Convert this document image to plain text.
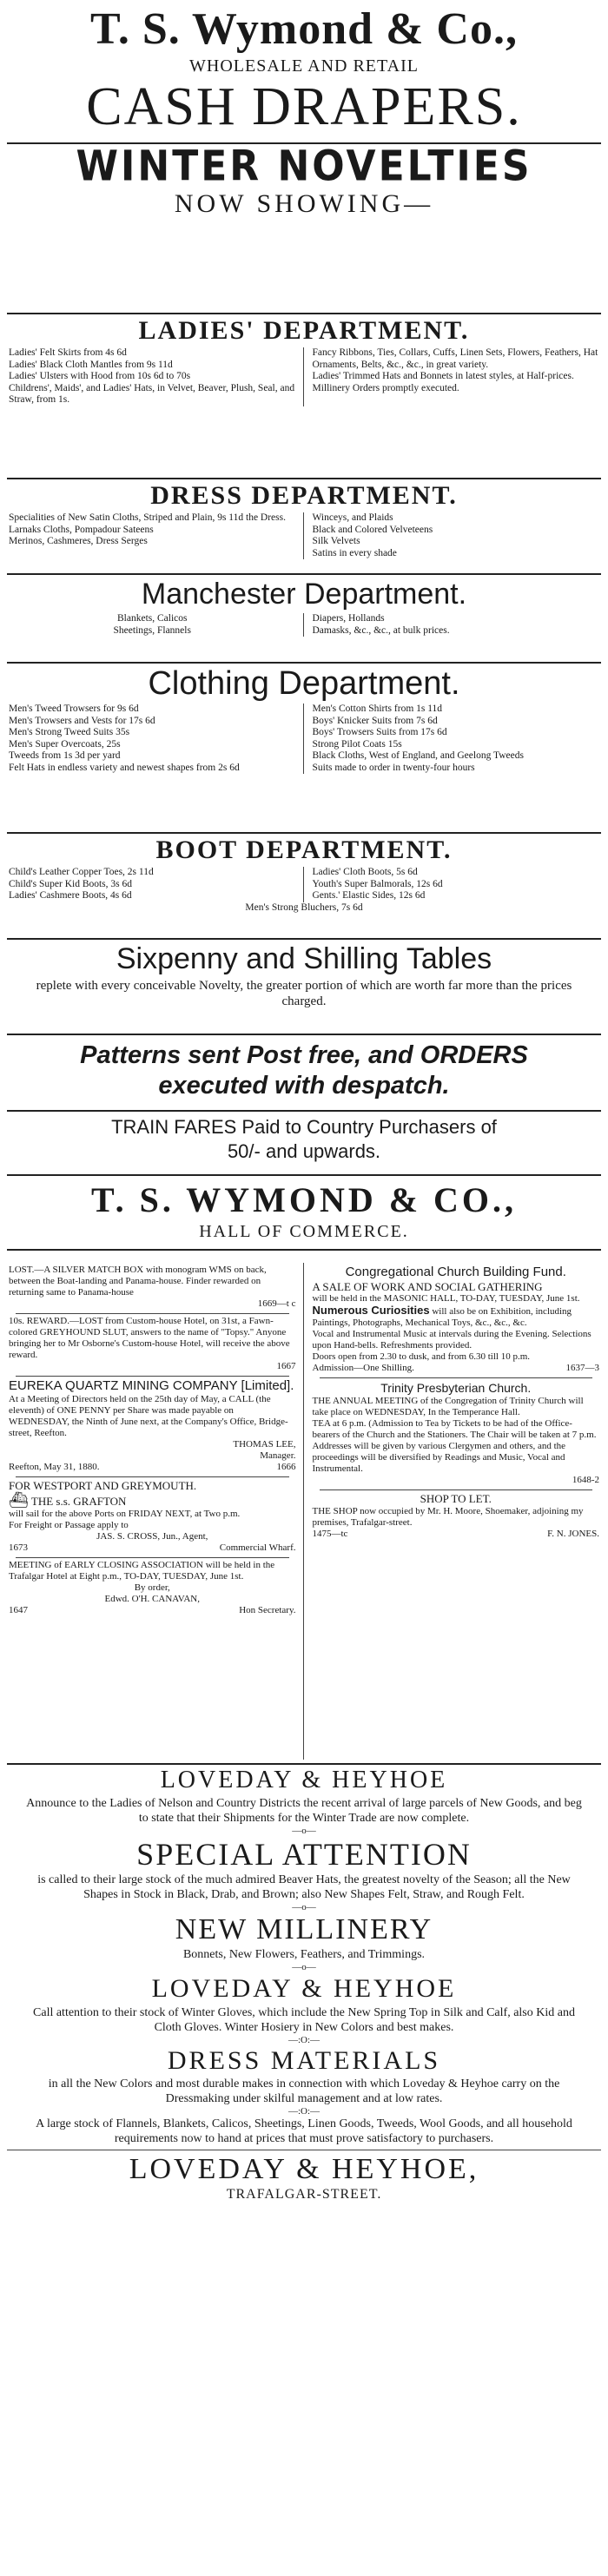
T. S. Wymond & Co.,
WHOLESALE AND RETAIL
CASH DRAPERS.
WINTER NOVELTIES
NOW SHOWING—
LADIES' DEPARTMENT.
Ladies' Felt Skirts from 4s 6d
Ladies' Black Cloth Mantles from 9s 11d
Ladies' Ulsters with Hood from 10s 6d to 70s
Childrens', Maids', and Ladies' Hats, in Velvet, Beaver, Plush, Seal, and Straw, from 1s.
Fancy Ribbons, Ties, Collars, Cuffs, Linen Sets, Flowers, Feathers, Hat Ornaments, Belts, &c., &c., in great variety.
Ladies' Trimmed Hats and Bonnets in latest styles, at Half-prices.
Millinery Orders promptly executed.
DRESS DEPARTMENT.
Specialities of New Satin Cloths, Striped and Plain, 9s 11d the Dress.
Larnaks Cloths, Pompadour Sateens
Merinos, Cashmeres, Dress Serges
Winceys, and Plaids
Black and Colored Velveteens
Silk Velvets
Satins in every shade
Manchester Department.
Blankets, Calicos
Sheetings, Flannels
Diapers, Hollands
Damasks, &c., &c., at bulk prices.
Clothing Department.
Men's Tweed Trowsers for 9s 6d
Men's Trowsers and Vests for 17s 6d
Men's Strong Tweed Suits 35s
Men's Super Overcoats, 25s
Tweeds from 1s 3d per yard
Felt Hats in endless variety and newest shapes from 2s 6d
Men's Cotton Shirts from 1s 11d
Boys' Knicker Suits from 7s 6d
Boys' Trowsers Suits from 17s 6d
Strong Pilot Coats 15s
Black Cloths, West of England, and Geelong Tweeds
Suits made to order in twenty-four hours
BOOT DEPARTMENT.
Child's Leather Copper Toes, 2s 11d
Child's Super Kid Boots, 3s 6d
Ladies' Cashmere Boots, 4s 6d
Ladies' Cloth Boots, 5s 6d
Youth's Super Balmorals, 12s 6d
Gents.' Elastic Sides, 12s 6d
Men's Strong Bluchers, 7s 6d
Sixpenny and Shilling Tables
replete with every conceivable Novelty, the greater portion of which are worth far more than the prices charged.
Patterns sent Post free, and ORDERS executed with despatch.
TRAIN FARES Paid to Country Purchasers of
50/- and upwards.
T. S. WYMOND & CO.,
HALL OF COMMERCE.

LOST.—A SILVER MATCH BOX with monogram WMS on back, between the Boat-landing and Panama-house. Finder rewarded on returning same to Panama-house

1669—t c

10s. REWARD.—LOST from Custom-house Hotel, on 31st, a Fawn-colored GREYHOUND SLUT, answers to the name of "Topsy." Anyone bringing her to Mr Osborne's Custom-house Hotel, will receive the above reward.

1667

EUREKA QUARTZ MINING COMPANY [Limited].

At a Meeting of Directors held on the 25th day of May, a CALL (the eleventh) of ONE PENNY per Share was made payable on WEDNESDAY, the Ninth of June next, at the Company's Office, Bridge-street, Reefton.

THOMAS LEE,

Manager.

Reefton, May 31, 1880.	1666

FOR WESTPORT AND GREYMOUTH.

⛴ THE s.s. GRAFTON

will sail for the above Ports on FRIDAY NEXT, at Two p.m.

For Freight or Passage apply to

JAS. S. CROSS, Jun., Agent,

1673	Commercial Wharf.

MEETING of EARLY CLOSING ASSOCIATION will be held in the Trafalgar Hotel at Eight p.m., TO-DAY, TUESDAY, June 1st.

By order,

Edwd. O'H. CANAVAN,

1647	Hon Secretary.

Congregational Church Building Fund.

A SALE OF WORK AND SOCIAL GATHERING

will be held in the MASONIC HALL, TO-DAY, TUESDAY, June 1st.

Numerous Curiosities will also be on Exhibition, including Paintings, Photographs, Mechanical Toys, &c., &c., &c.

Vocal and Instrumental Music at intervals during the Evening. Selections upon Hand-bells. Refreshments provided.

Doors open from 2.30 to dusk, and from 6.30 till 10 p.m.

Admission—One Shilling.	1637—3

Trinity Presbyterian Church.

THE ANNUAL MEETING of the Congregation of Trinity Church will take place on WEDNESDAY, In the Temperance Hall.

TEA at 6 p.m. (Admission to Tea by Tickets to be had of the Office-bearers of the Church and the Stationers. The Chair will be taken at 7 p.m. Addresses will be given by various Clergymen and others, and the proceedings will be diversified by Readings and Music, Vocal and Instrumental.

1648-2

SHOP TO LET.

THE SHOP now occupied by Mr. H. Moore, Shoemaker, adjoining my premises, Trafalgar-street.

1475—tc	F. N. JONES.
LOVEDAY & HEYHOE
Announce to the Ladies of Nelson and Country Districts the recent arrival of large parcels of New Goods, and beg to state that their Shipments for the Winter Trade are now complete.
—o—
SPECIAL ATTENTION
is called to their large stock of the much admired Beaver Hats, the greatest novelty of the Season; all the New Shapes in Stock in Black, Drab, and Brown; also New Shapes Felt, Straw, and Rough Felt.
—o—
NEW MILLINERY
Bonnets, New Flowers, Feathers, and Trimmings.
—o—
LOVEDAY & HEYHOE
Call attention to their stock of Winter Gloves, which include the New Spring Top in Silk and Calf, also Kid and Cloth Gloves. Winter Hosiery in New Colors and best makes.
—:O:—
DRESS MATERIALS
in all the New Colors and most durable makes in connection with which Loveday & Heyhoe carry on the Dressmaking under skilful management and at low rates.
—:O:—
A large stock of Flannels, Blankets, Calicos, Sheetings, Linen Goods, Tweeds, Wool Goods, and all household requirements now to hand at prices that must prove satisfactory to purchasers.
LOVEDAY & HEYHOE,
TRAFALGAR-STREET.
